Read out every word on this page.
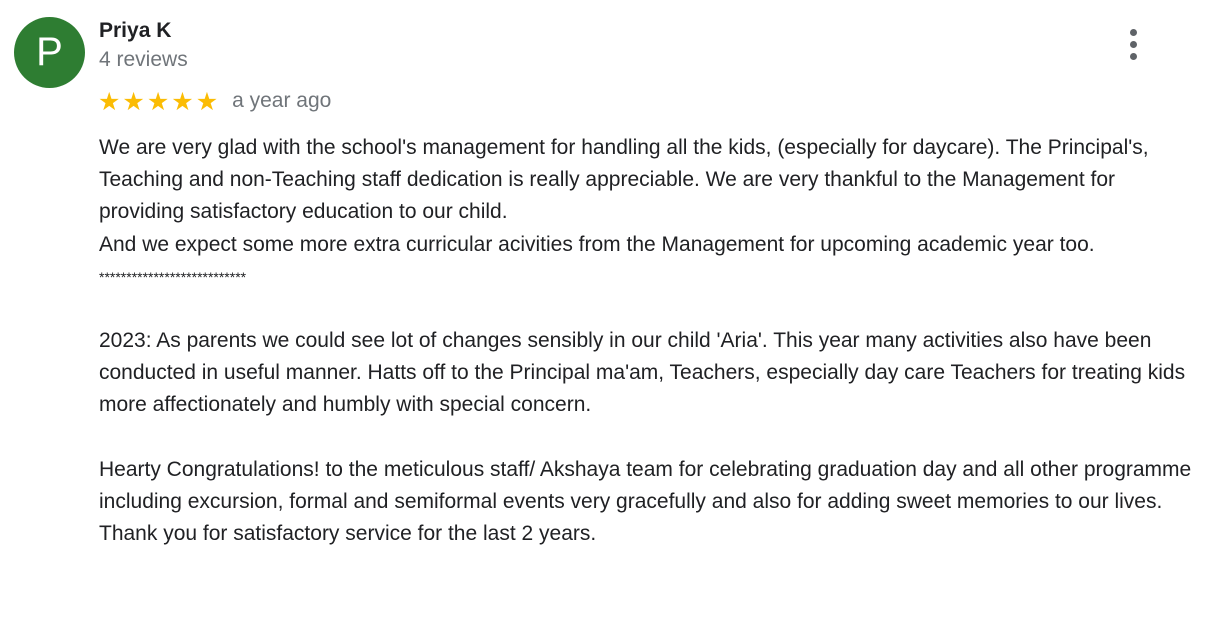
P Priya K
4 reviews
★ ★ ★ ★ ★ a year ago

We are very glad with the school's management for handling all the kids, (especially for daycare). The Principal's, Teaching and non-Teaching staff dedication is really appreciable. We are very thankful to the Management for providing satisfactory education to our child.

And we expect some more extra curricular acivities from the Management for upcoming academic year too.

***************************

2023: As parents we could see lot of changes sensibly in our child 'Aria'. This year many activities also have been conducted in useful manner. Hatts off to the Principal ma'am, Teachers, especially day care Teachers for treating kids more affectionately and humbly with special concern.

Hearty Congratulations! to the meticulous staff/ Akshaya team for celebrating graduation day and all other programme including excursion, formal and semiformal events very gracefully and also for adding sweet memories to our lives.

Thank you for satisfactory service for the last 2 years.
